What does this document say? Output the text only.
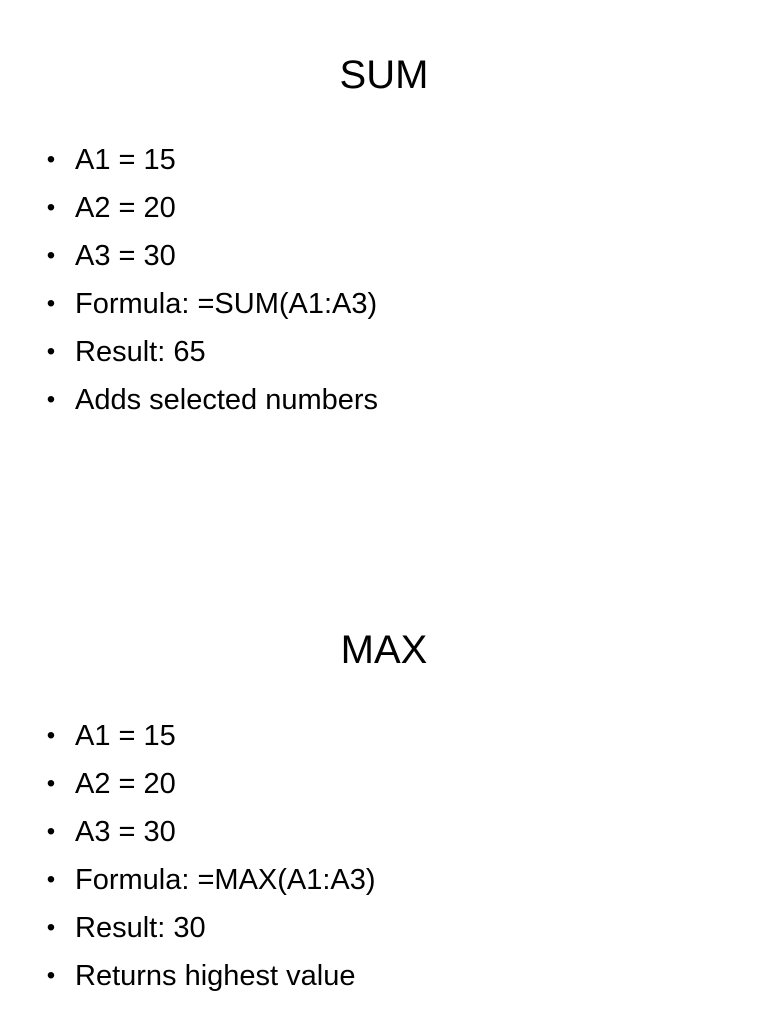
SUM
• A1 = 15
• A2 = 20
• A3 = 30
• Formula: =SUM(A1:A3)
• Result: 65
• Adds selected numbers
MAX
• A1 = 15
• A2 = 20
• A3 = 30
• Formula: =MAX(A1:A3)
• Result: 30
• Returns highest value
